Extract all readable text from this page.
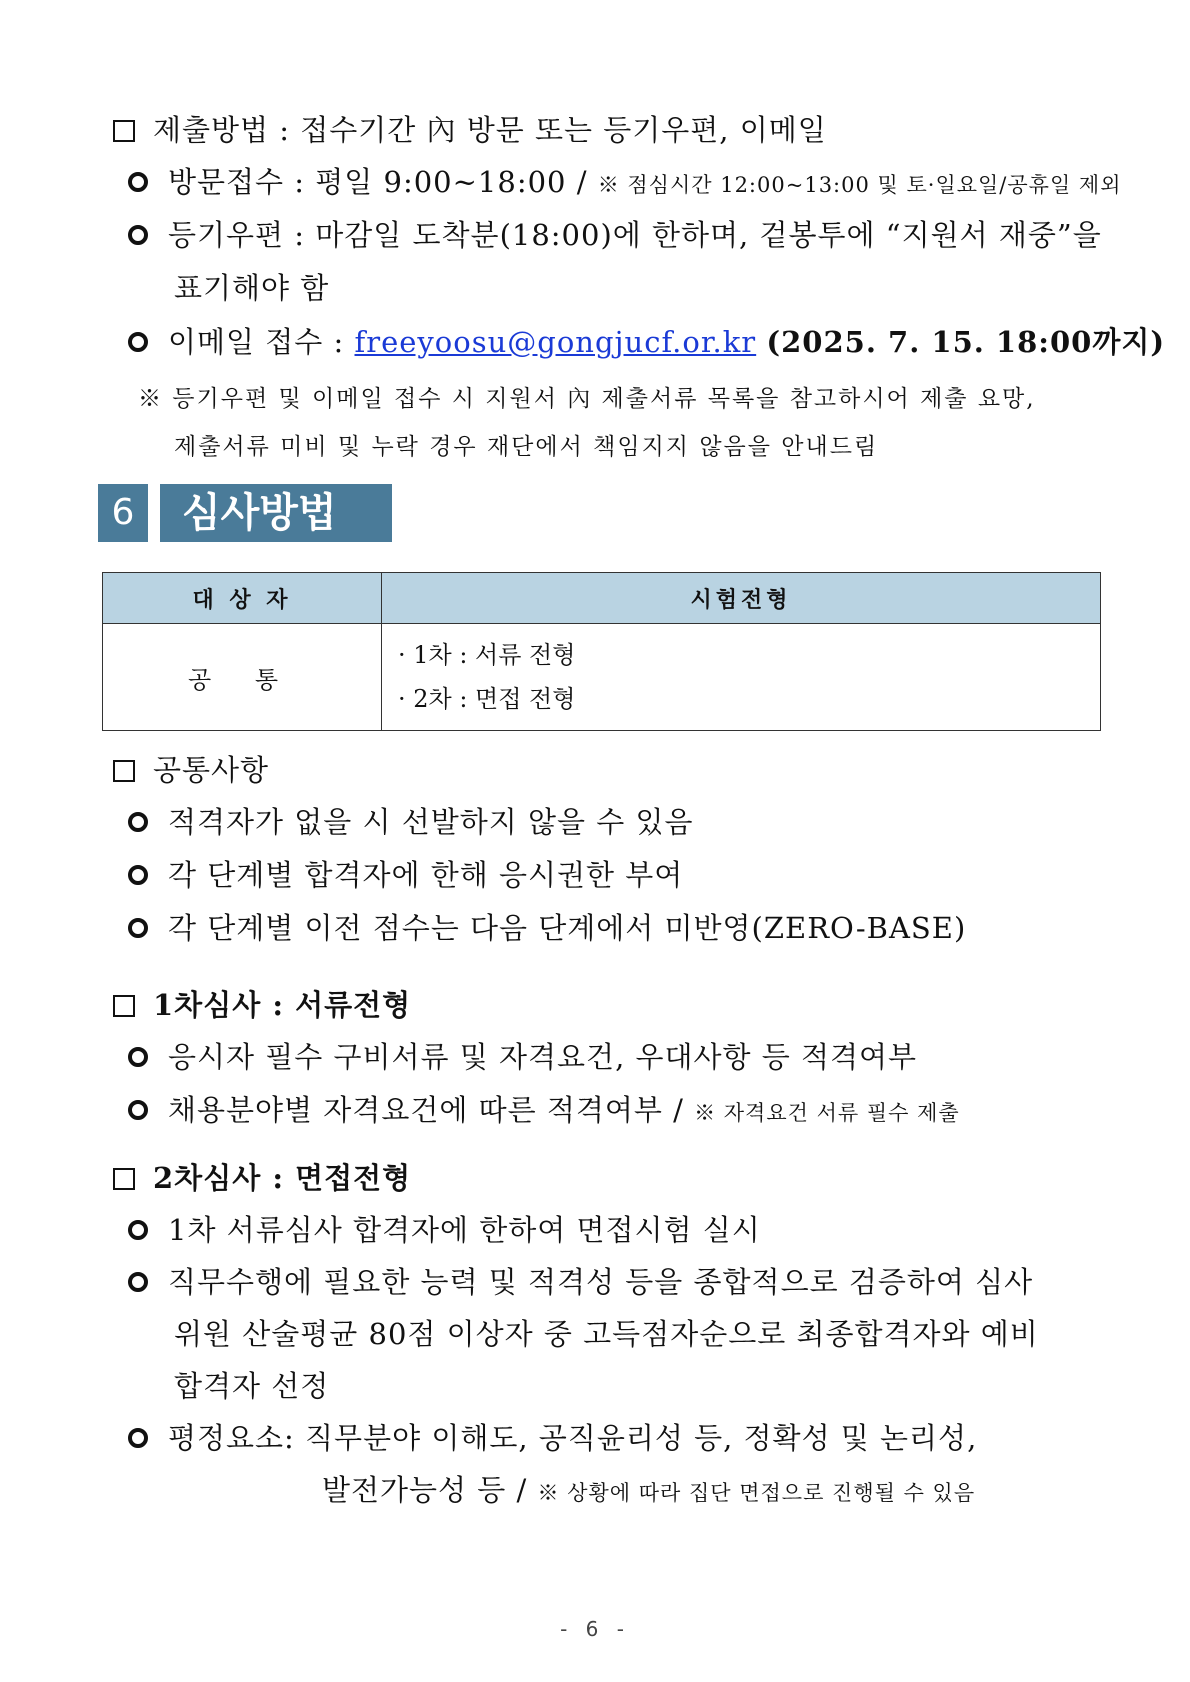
제출방법 : 접수기간 內 방문 또는 등기우편, 이메일
방문접수 : 평일 9:00~18:00 / ※ 점심시간 12:00~13:00 및 토·일요일/공휴일 제외
등기우편 : 마감일 도착분(18:00)에 한하며, 겉봉투에 “지원서 재중”을
표기해야 함
이메일 접수 : freeyoosu@gongjucf.or.kr (2025. 7. 15. 18:00까지)
※ 등기우편 및 이메일 접수 시 지원서 內 제출서류 목록을 참고하시어 제출 요망,
제출서류 미비 및 누락 경우 재단에서 책임지지 않음을 안내드림
6	심사방법
대 상 자	시험전형
공 통	· 1차 : 서류 전형
· 2차 : 면접 전형
공통사항
적격자가 없을 시 선발하지 않을 수 있음
각 단계별 합격자에 한해 응시권한 부여
각 단계별 이전 점수는 다음 단계에서 미반영(ZERO-BASE)
1차심사 : 서류전형
응시자 필수 구비서류 및 자격요건, 우대사항 등 적격여부
채용분야별 자격요건에 따른 적격여부 / ※ 자격요건 서류 필수 제출
2차심사 : 면접전형
1차 서류심사 합격자에 한하여 면접시험 실시
직무수행에 필요한 능력 및 적격성 등을 종합적으로 검증하여 심사
위원 산술평균 80점 이상자 중 고득점자순으로 최종합격자와 예비
합격자 선정
평정요소: 직무분야 이해도, 공직윤리성 등, 정확성 및 논리성,
발전가능성 등 / ※ 상황에 따라 집단 면접으로 진행될 수 있음
- 6 -
